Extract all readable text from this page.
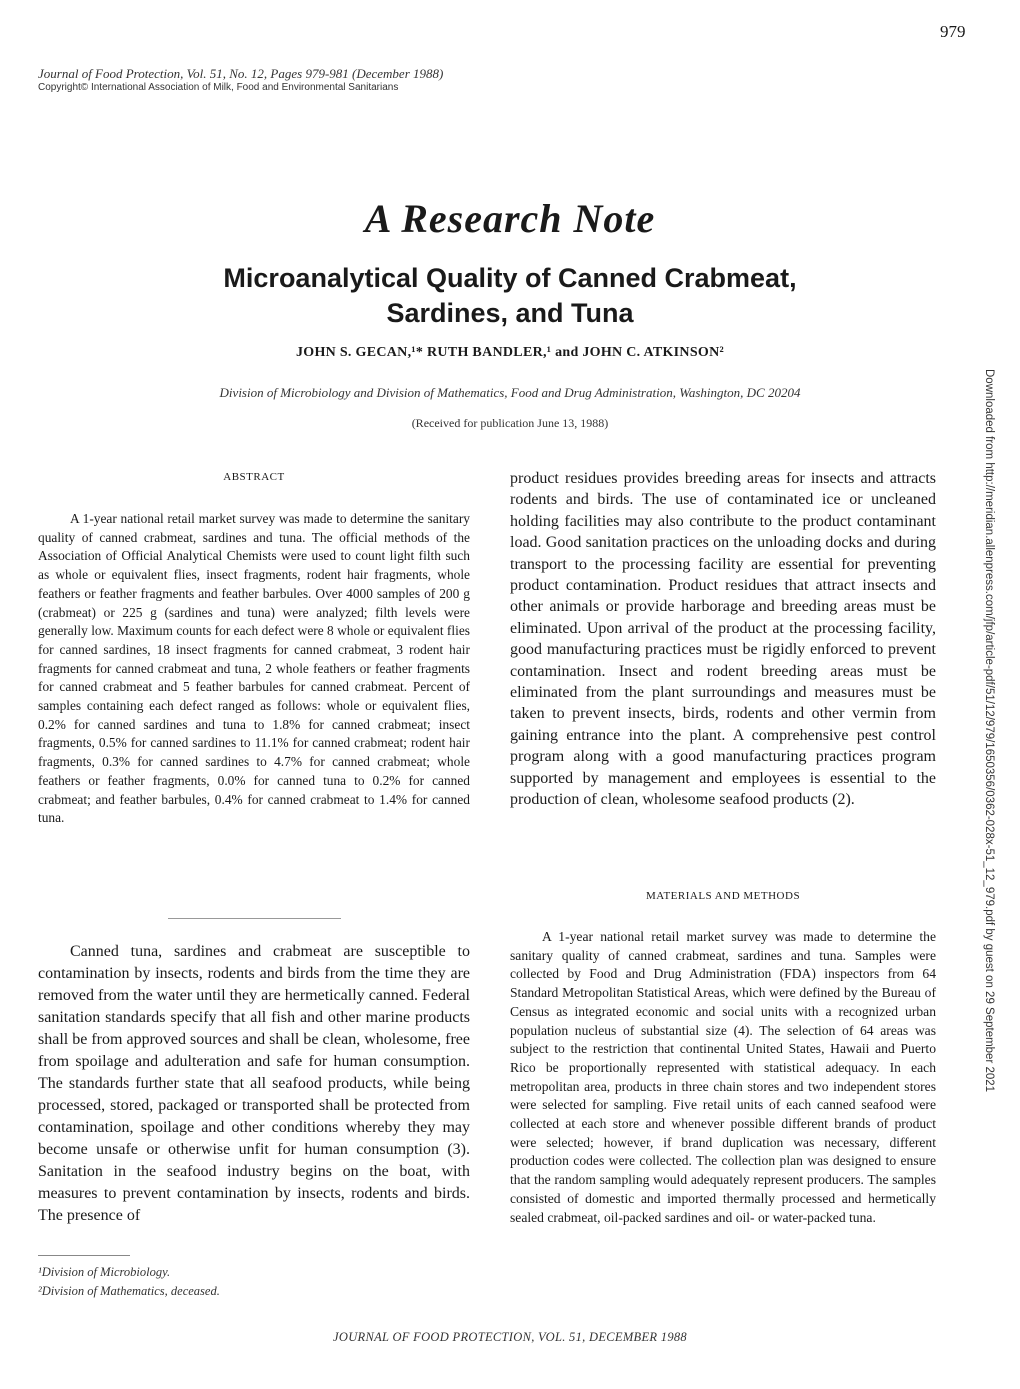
979
Journal of Food Protection, Vol. 51, No. 12, Pages 979-981 (December 1988)
Copyright© International Association of Milk, Food and Environmental Sanitarians
A Research Note
Microanalytical Quality of Canned Crabmeat, Sardines, and Tuna
JOHN S. GECAN,¹* RUTH BANDLER,¹ and JOHN C. ATKINSON²
Division of Microbiology and Division of Mathematics, Food and Drug Administration, Washington, DC 20204
(Received for publication June 13, 1988)	Downloaded from http://meridian.allenpress.com/jfp/article-pdf/51/12/979/1650356/0362-028x-51_12_979.pdf by guest on 29 September 2021

ABSTRACT

A 1-year national retail market survey was made to determine the sanitary quality of canned crabmeat, sardines and tuna. The official methods of the Association of Official Analytical Chemists were used to count light filth such as whole or equivalent flies, insect fragments, rodent hair fragments, whole feathers or feather fragments and feather barbules. Over 4000 samples of 200 g (crabmeat) or 225 g (sardines and tuna) were analyzed; filth levels were generally low. Maximum counts for each defect were 8 whole or equivalent flies for canned sardines, 18 insect fragments for canned crabmeat, 3 rodent hair fragments for canned crabmeat and tuna, 2 whole feathers or feather fragments for canned crabmeat and 5 feather barbules for canned crabmeat. Percent of samples containing each defect ranged as follows: whole or equivalent flies, 0.2% for canned sardines and tuna to 1.8% for canned crabmeat; insect fragments, 0.5% for canned sardines to 11.1% for canned crabmeat; rodent hair fragments, 0.3% for canned sardines to 4.7% for canned crabmeat; whole feathers or feather fragments, 0.0% for canned tuna to 0.2% for canned crabmeat; and feather barbules, 0.4% for canned crabmeat to 1.4% for canned tuna.

Canned tuna, sardines and crabmeat are susceptible to contamination by insects, rodents and birds from the time they are removed from the water until they are hermetically canned. Federal sanitation standards specify that all fish and other marine products shall be from approved sources and shall be clean, wholesome, free from spoilage and adulteration and safe for human consumption. The standards further state that all seafood products, while being processed, stored, packaged or transported shall be protected from contamination, spoilage and other conditions whereby they may become unsafe or otherwise unfit for human consumption (3). Sanitation in the seafood industry begins on the boat, with measures to prevent contamination by insects, rodents and birds. The presence of

¹Division of Microbiology.
²Division of Mathematics, deceased.

product residues provides breeding areas for insects and attracts rodents and birds. The use of contaminated ice or uncleaned holding facilities may also contribute to the product contaminant load. Good sanitation practices on the unloading docks and during transport to the processing facility are essential for preventing product contamination. Product residues that attract insects and other animals or provide harborage and breeding areas must be eliminated. Upon arrival of the product at the processing facility, good manufacturing practices must be rigidly enforced to prevent contamination. Insect and rodent breeding areas must be eliminated from the plant surroundings and measures must be taken to prevent insects, birds, rodents and other vermin from gaining entrance into the plant. A comprehensive pest control program along with a good manufacturing practices program supported by management and employees is essential to the production of clean, wholesome seafood products (2).

MATERIALS AND METHODS

A 1-year national retail market survey was made to determine the sanitary quality of canned crabmeat, sardines and tuna. Samples were collected by Food and Drug Administration (FDA) inspectors from 64 Standard Metropolitan Statistical Areas, which were defined by the Bureau of Census as integrated economic and social units with a recognized urban population nucleus of substantial size (4). The selection of 64 areas was subject to the restriction that continental United States, Hawaii and Puerto Rico be proportionally represented with statistical adequacy. In each metropolitan area, products in three chain stores and two independent stores were selected for sampling. Five retail units of each canned seafood were collected at each store and whenever possible different brands of product were selected; however, if brand duplication was necessary, different production codes were collected. The collection plan was designed to ensure that the random sampling would adequately represent producers. The samples consisted of domestic and imported thermally processed and hermetically sealed crabmeat, oil-packed sardines and oil- or water-packed tuna.

JOURNAL OF FOOD PROTECTION, VOL. 51, DECEMBER 1988
